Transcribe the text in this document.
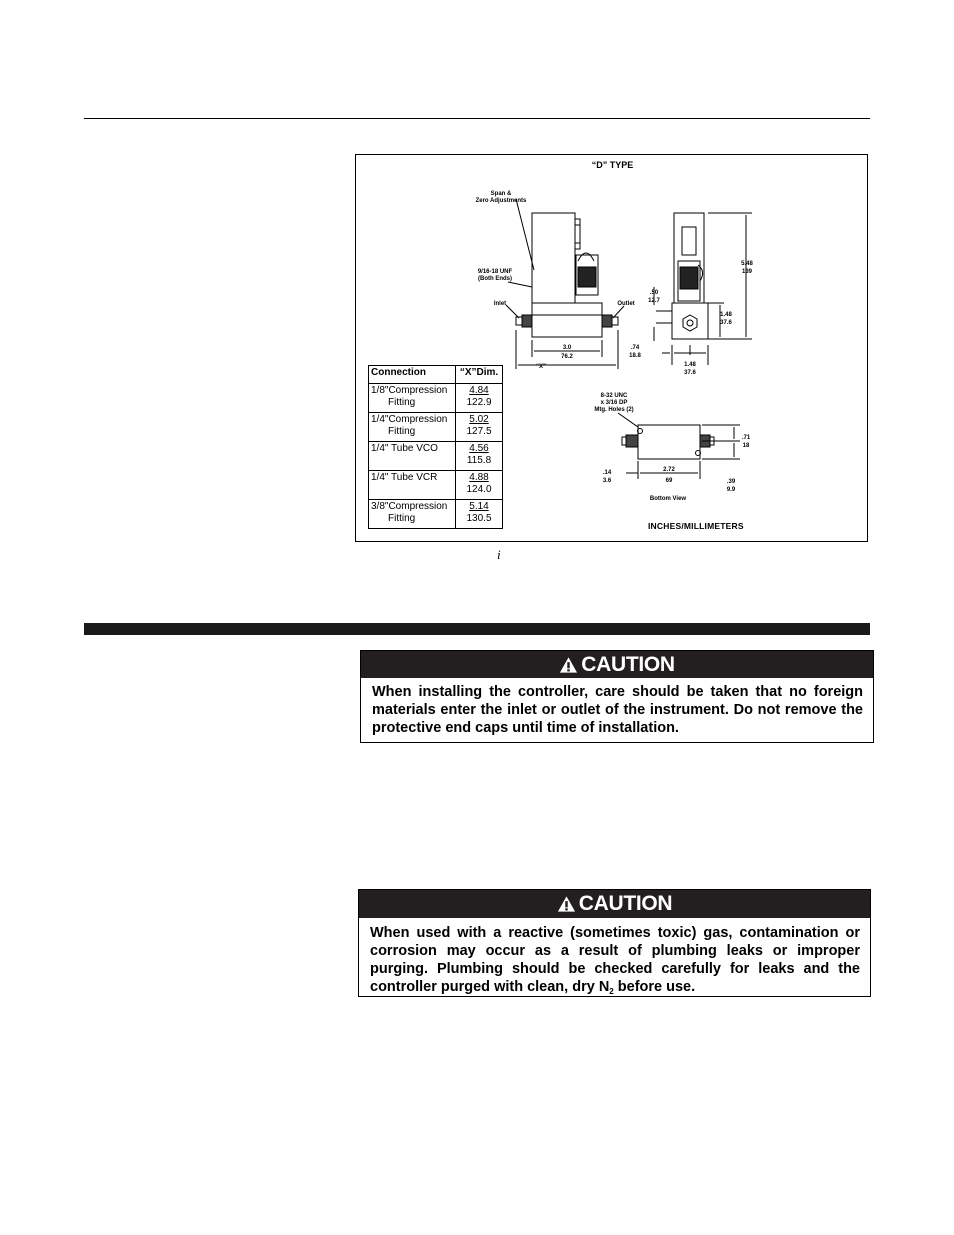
“D” TYPE
Span &
Zero Adjustments
9/16-18 UNF
(Both Ends)
Inlet	Outlet
3.0
76.2
“X”
5.48
139
.50
12.7
1.48
37.6
.74
18.8
1.48
37.6
8-32 UNC
x 3/16 DP
Mtg. Holes (2)
.14
3.6
2.72
69
.71
18
.39
9.9
Bottom View
INCHES/MILLIMETERS
Connection	“X”Dim.
1/8"Compression
Fitting	4.84
122.9

1/4"Compression
Fitting	5.02
127.5

1/4" Tube VCO	4.56
115.8

1/4" Tube VCR	4.88
124.0

3/8"Compression
Fitting	5.14
130.5
i
CAUTION
When installing the controller, care should be taken that no foreign materials enter the inlet or outlet of the instrument. Do not remove the protective end caps until time of installation.
CAUTION
When used with a reactive (sometimes toxic) gas, contamination or corrosion may occur as a result of plumbing leaks or improper purging. Plumbing should be checked carefully for leaks and the controller purged with clean, dry $N_2$ before use.
